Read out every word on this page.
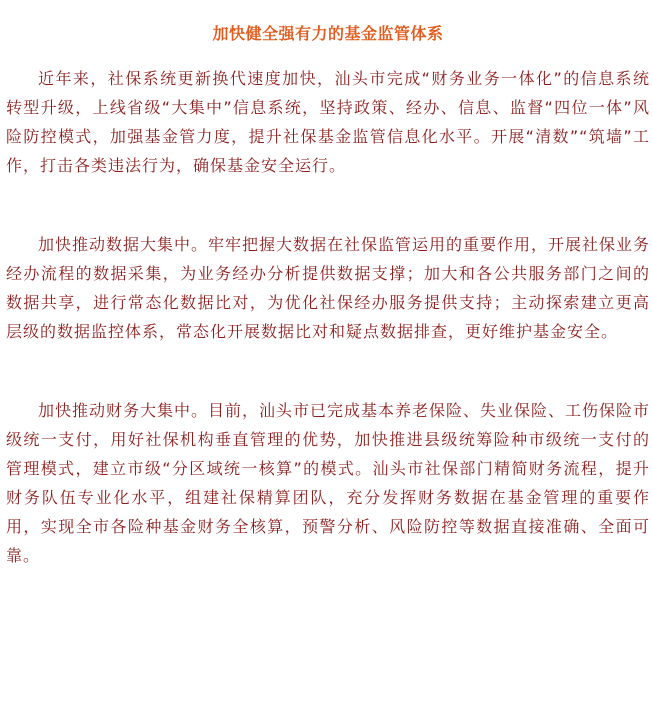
加快健全强有力的基金监管体系

近年来，社保系统更新换代速度加快，汕头市完成“财务业务一体化”的信息系统转型升级，上线省级“大集中”信息系统，坚持政策、经办、信息、监督“四位一体”风险防控模式，加强基金管力度，提升社保基金监管信息化水平。开展“清数”“筑墙”工作，打击各类违法行为，确保基金安全运行。

加快推动数据大集中。牢牢把握大数据在社保监管运用的重要作用，开展社保业务经办流程的数据采集，为业务经办分析提供数据支撑；加大和各公共服务部门之间的数据共享，进行常态化数据比对，为优化社保经办服务提供支持；主动探索建立更高层级的数据监控体系，常态化开展数据比对和疑点数据排查，更好维护基金安全。

加快推动财务大集中。目前，汕头市已完成基本养老保险、失业保险、工伤保险市级统一支付，用好社保机构垂直管理的优势，加快推进县级统筹险种市级统一支付的管理模式，建立市级“分区域统一核算”的模式。汕头市社保部门精简财务流程，提升财务队伍专业化水平，组建社保精算团队，充分发挥财务数据在基金管理的重要作用，实现全市各险种基金财务全核算，预警分析、风险防控等数据直接准确、全面可靠。
